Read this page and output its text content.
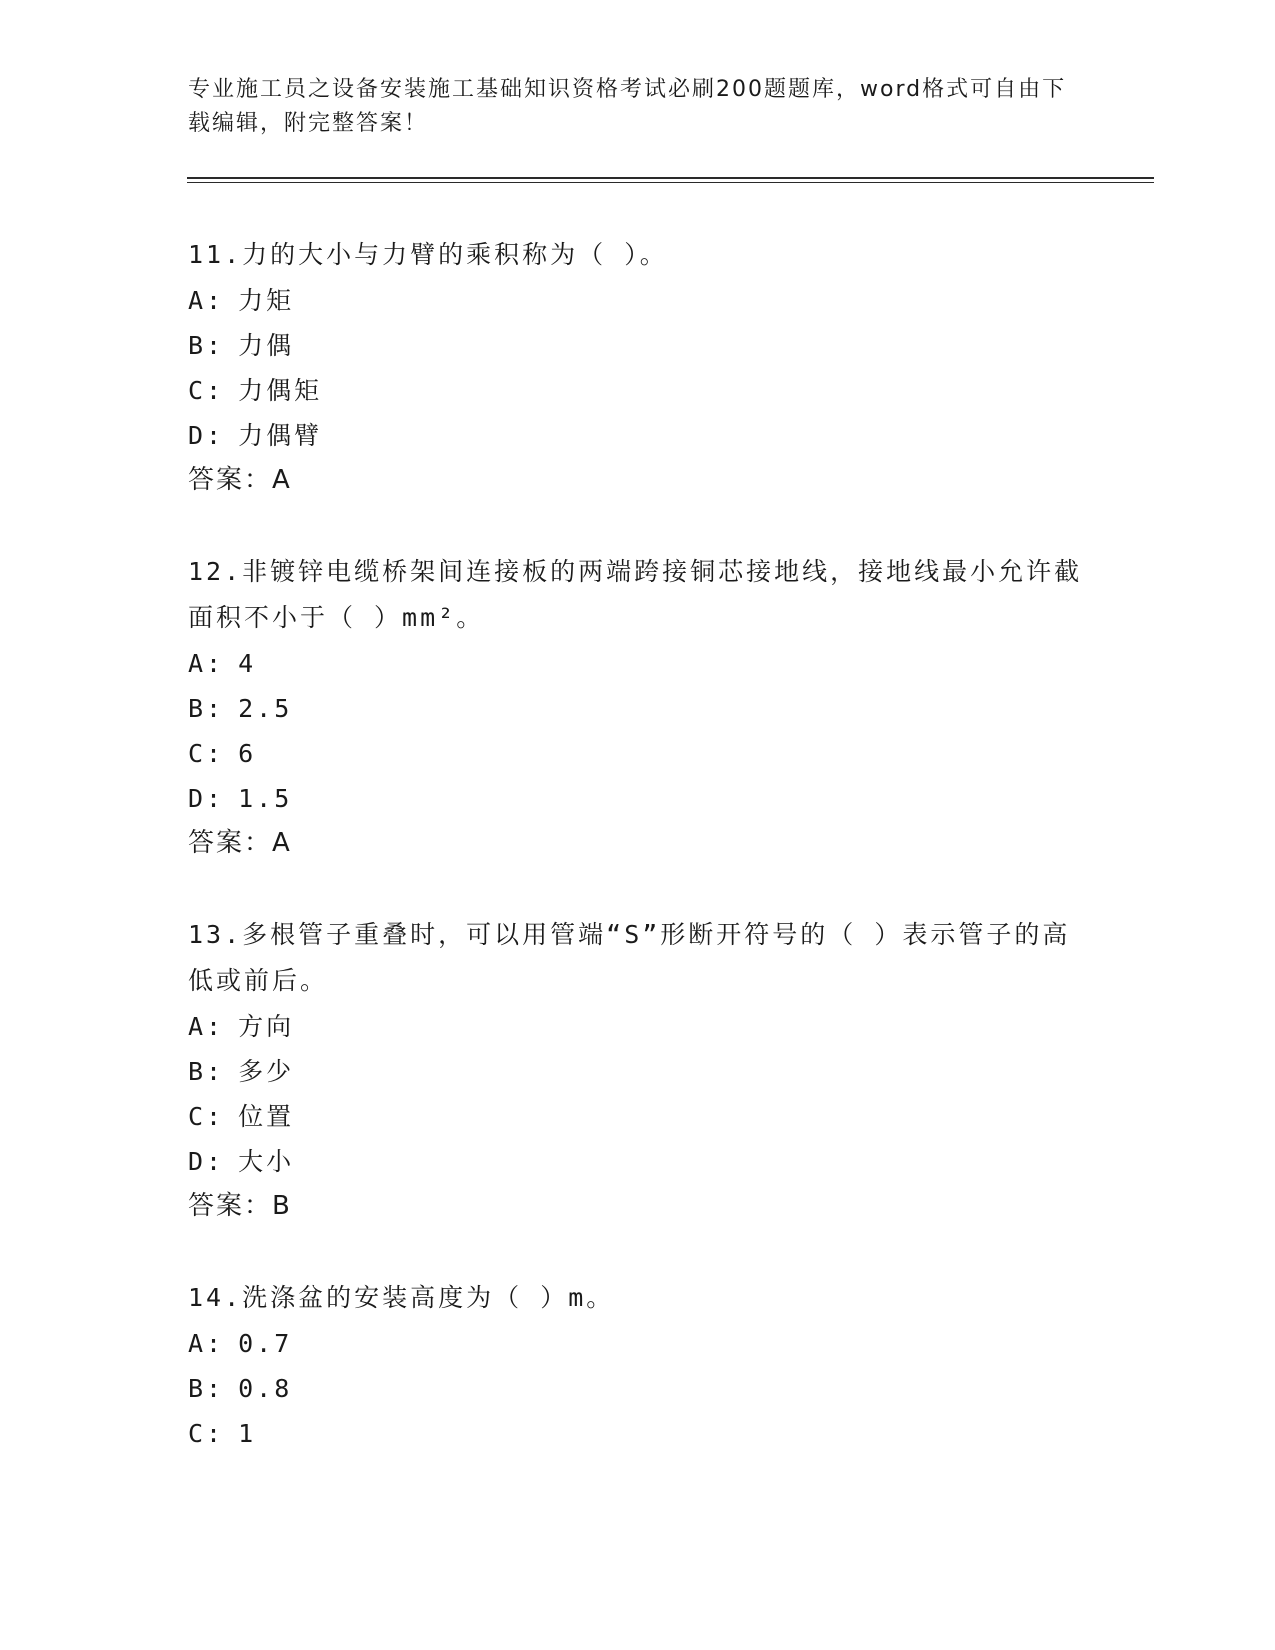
专业施工员之设备安装施工基础知识资格考试必刷200题题库，word格式可自由下载编辑，附完整答案！

11.力的大小与力臂的乘积称为（ ）。

A: 力矩
B: 力偶
C: 力偶矩
D: 力偶臂
答案：A

12.非镀锌电缆桥架间连接板的两端跨接铜芯接地线，接地线最小允许截面积不小于（ ）mm²。

A: 4
B: 2.5
C: 6
D: 1.5
答案：A

13.多根管子重叠时，可以用管端“S”形断开符号的（ ）表示管子的高低或前后。

A: 方向
B: 多少
C: 位置
D: 大小
答案：B

14.洗涤盆的安装高度为（ ）m。

A: 0.7
B: 0.8
C: 1
